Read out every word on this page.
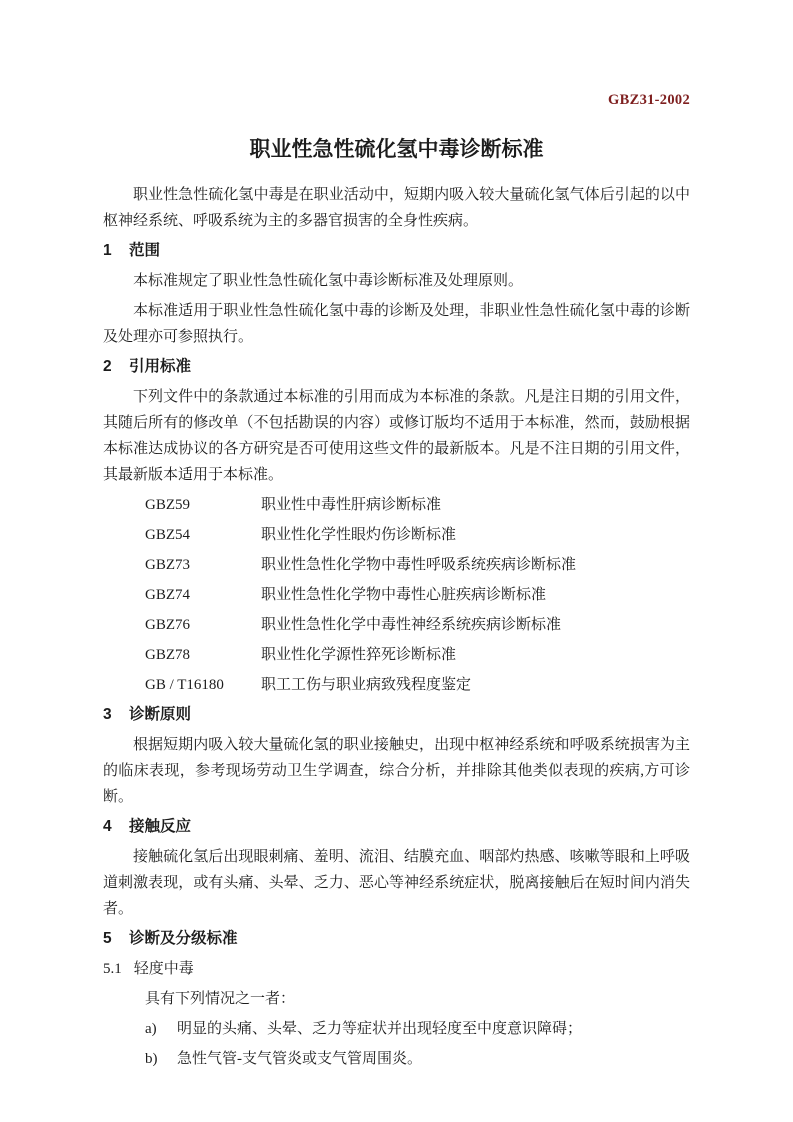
GBZ31-2002
职业性急性硫化氢中毒诊断标准

职业性急性硫化氢中毒是在职业活动中，短期内吸入较大量硫化氢气体后引起的以中枢神经系统、呼吸系统为主的多器官损害的全身性疾病。

1 范围

本标准规定了职业性急性硫化氢中毒诊断标准及处理原则。

本标准适用于职业性急性硫化氢中毒的诊断及处理，非职业性急性硫化氢中毒的诊断及处理亦可参照执行。

2 引用标准

下列文件中的条款通过本标准的引用而成为本标准的条款。凡是注日期的引用文件，其随后所有的修改单（不包括勘误的内容）或修订版均不适用于本标准，然而，鼓励根据本标准达成协议的各方研究是否可使用这些文件的最新版本。凡是不注日期的引用文件，其最新版本适用于本标准。

GBZ59	职业性中毒性肝病诊断标准
GBZ54	职业性化学性眼灼伤诊断标准
GBZ73	职业性急性化学物中毒性呼吸系统疾病诊断标准
GBZ74	职业性急性化学物中毒性心脏疾病诊断标准
GBZ76	职业性急性化学中毒性神经系统疾病诊断标准
GBZ78	职业性化学源性猝死诊断标准
GB / T16180 职工工伤与职业病致残程度鉴定
3 诊断原则

根据短期内吸入较大量硫化氢的职业接触史，出现中枢神经系统和呼吸系统损害为主的临床表现，参考现场劳动卫生学调查，综合分析，并排除其他类似表现的疾病,方可诊断。

4 接触反应

接触硫化氢后出现眼刺痛、羞明、流泪、结膜充血、咽部灼热感、咳嗽等眼和上呼吸道刺激表现，或有头痛、头晕、乏力、恶心等神经系统症状，脱离接触后在短时间内消失者。

5 诊断及分级标准
5.1 轻度中毒

具有下列情况之一者：

a) 明显的头痛、头晕、乏力等症状并出现轻度至中度意识障碍；
b) 急性气管-支气管炎或支气管周围炎。
